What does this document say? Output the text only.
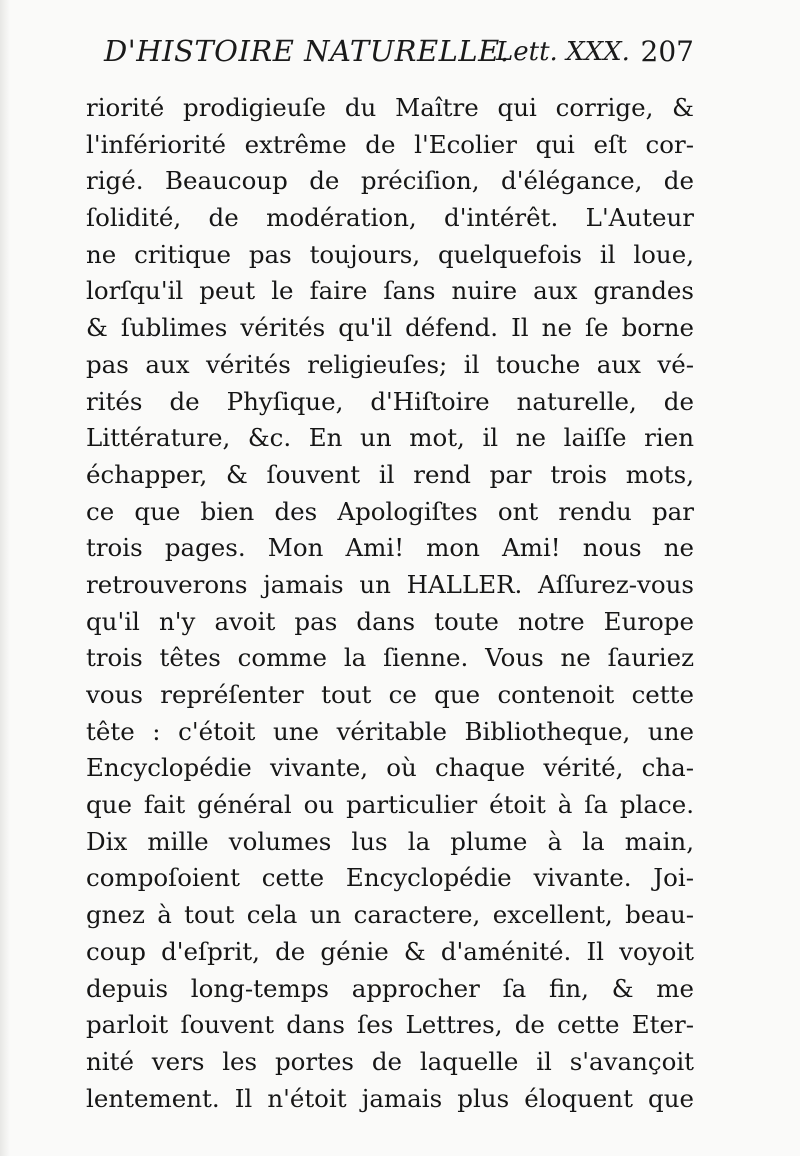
D'HISTOIRE NATURELLE.
Lett. XXX. 207
riorité prodigieuſe du Maître qui corrige, &
l'infériorité extrême de l'Ecolier qui eſt cor-
rigé. Beaucoup de préciſion, d'élégance, de
ſolidité, de modération, d'intérêt. L'Auteur
ne critique pas toujours, quelquefois il loue,
lorſqu'il peut le faire ſans nuire aux grandes
& ſublimes vérités qu'il défend. Il ne ſe borne
pas aux vérités religieuſes; il touche aux vé-
rités de Phyſique, d'Hiſtoire naturelle, de
Littérature, &c. En un mot, il ne laiſſe rien
échapper, & ſouvent il rend par trois mots,
ce que bien des Apologiſtes ont rendu par
trois pages. Mon Ami! mon Ami! nous ne
retrouverons jamais un HALLER. Aſſurez-vous
qu'il n'y avoit pas dans toute notre Europe
trois têtes comme la ſienne. Vous ne ſauriez
vous repréſenter tout ce que contenoit cette
tête : c'étoit une véritable Bibliotheque, une
Encyclopédie vivante, où chaque vérité, cha-
que fait général ou particulier étoit à ſa place.
Dix mille volumes lus la plume à la main,
compoſoient cette Encyclopédie vivante. Joi-
gnez à tout cela un caractere, excellent, beau-
coup d'eſprit, de génie & d'aménité. Il voyoit
depuis long-temps approcher ſa fin, & me
parloit ſouvent dans ſes Lettres, de cette Eter-
nité vers les portes de laquelle il s'avançoit
lentement. Il n'étoit jamais plus éloquent que
